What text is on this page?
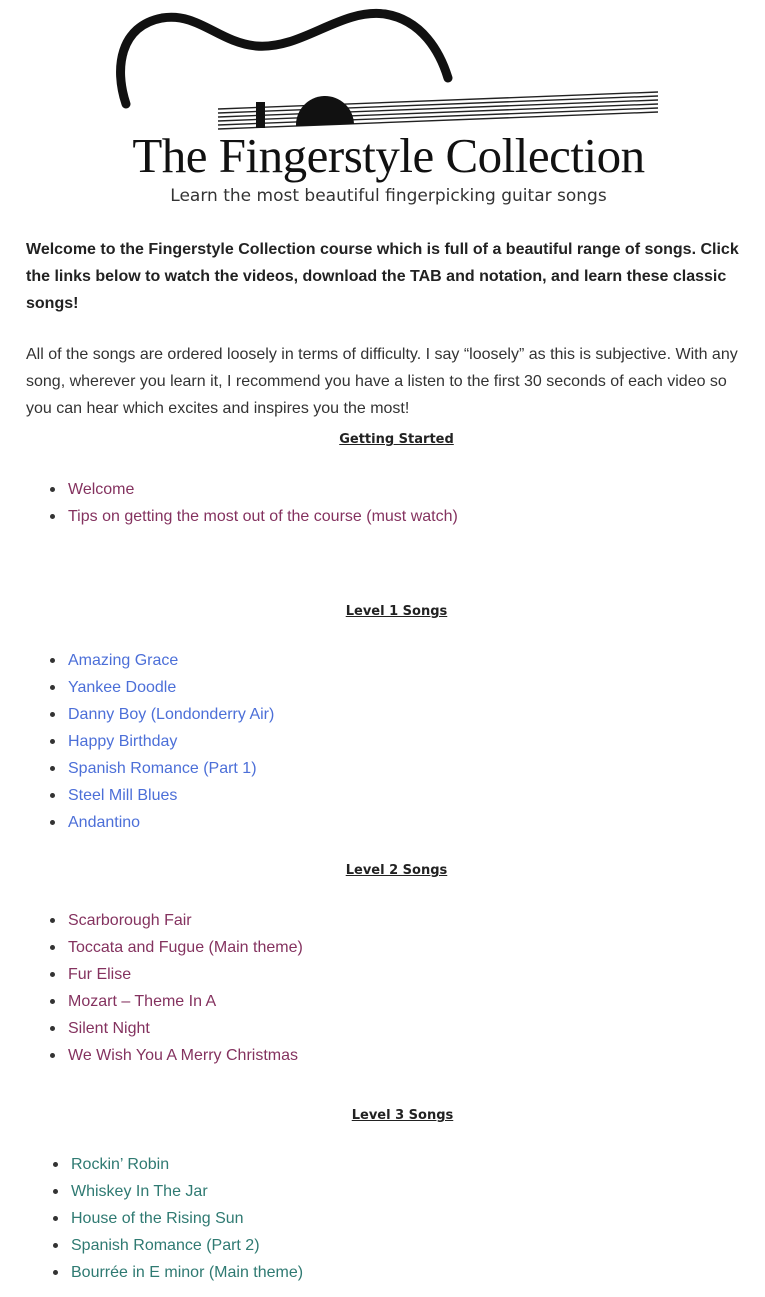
The Fingerstyle Collection
Learn the most beautiful fingerpicking guitar songs

Welcome to the Fingerstyle Collection course which is full of a beautiful range of songs. Click the links below to watch the videos, download the TAB and notation, and learn these classic songs!

All of the songs are ordered loosely in terms of difficulty. I say “loosely” as this is subjective. With any song, wherever you learn it, I recommend you have a listen to the first 30 seconds of each video so you can hear which excites and inspires you the most!

Getting Started
Welcome
Tips on getting the most out of the course (must watch)
Level 1 Songs
Amazing Grace
Yankee Doodle
Danny Boy (Londonderry Air)
Happy Birthday
Spanish Romance (Part 1)
Steel Mill Blues
Andantino
Level 2 Songs
Scarborough Fair
Toccata and Fugue (Main theme)
Fur Elise
Mozart – Theme In A
Silent Night
We Wish You A Merry Christmas
Level 3 Songs
Rockin’ Robin
Whiskey In The Jar
House of the Rising Sun
Spanish Romance (Part 2)
Bourrée in E minor (Main theme)
